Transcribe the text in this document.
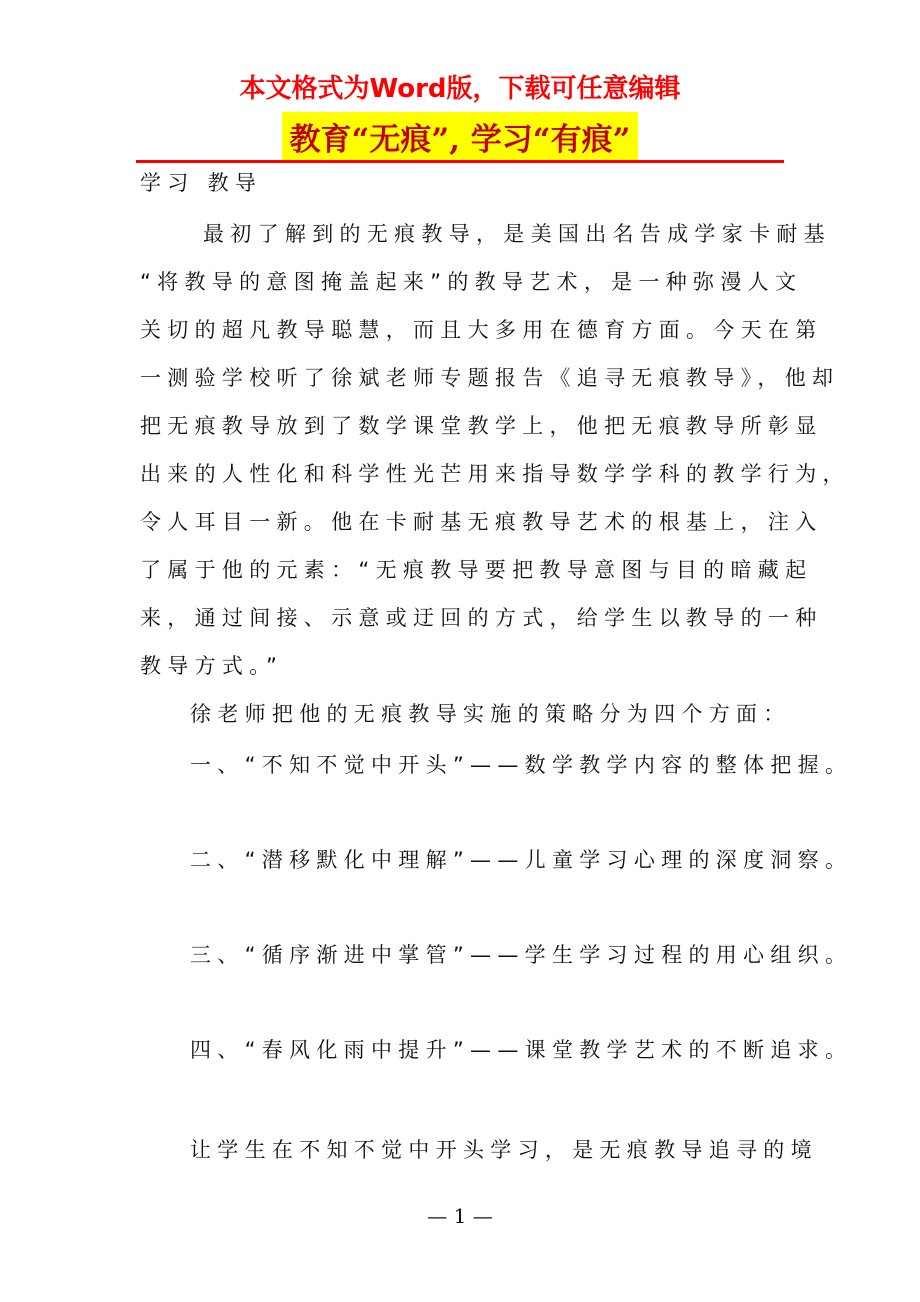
本文格式为Word版，下载可任意编辑
教育“无痕”, 学习“有痕”
学习 教导
最初了解到的无痕教导，是美国出名告成学家卡耐基
“将教导的意图掩盖起来”的教导艺术，是一种弥漫人文
关切的超凡教导聪慧，而且大多用在德育方面。今天在第
一测验学校听了徐斌老师专题报告《追寻无痕教导》，他却
把无痕教导放到了数学课堂教学上，他把无痕教导所彰显
出来的人性化和科学性光芒用来指导数学学科的教学行为，
令人耳目一新。他在卡耐基无痕教导艺术的根基上，注入
了属于他的元素：“无痕教导要把教导意图与目的暗藏起
来，通过间接、示意或迂回的方式，给学生以教导的一种
教导方式。”
徐老师把他的无痕教导实施的策略分为四个方面：
一、“不知不觉中开头”——数学教学内容的整体把握。
二、“潜移默化中理解”——儿童学习心理的深度洞察。
三、“循序渐进中掌管”——学生学习过程的用心组织。
四、“春风化雨中提升”——课堂教学艺术的不断追求。
让学生在不知不觉中开头学习，是无痕教导追寻的境
— 1 —
